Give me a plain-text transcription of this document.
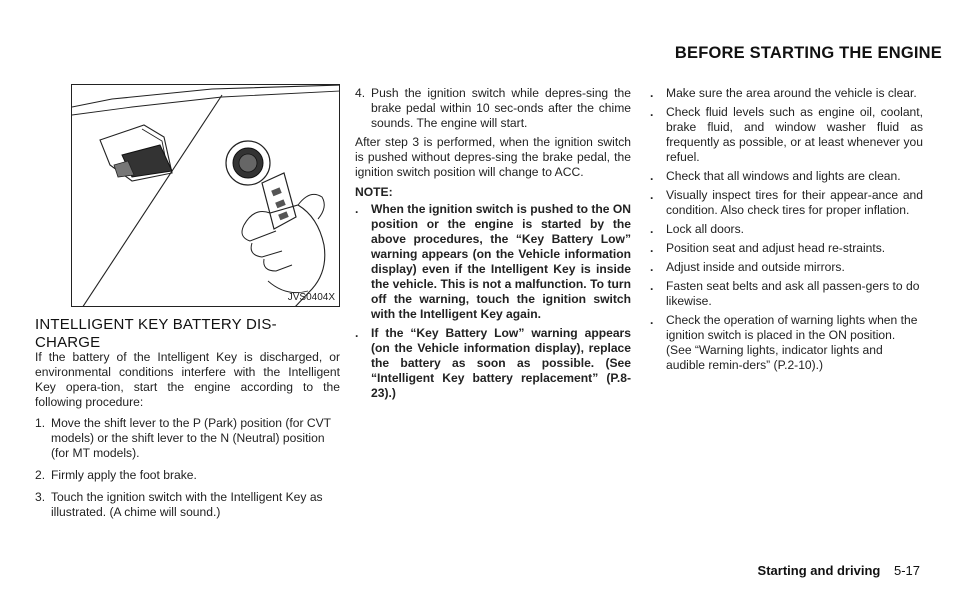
BEFORE STARTING THE ENGINE
JVS0404X
INTELLIGENT KEY BATTERY DIS-CHARGE

If the battery of the Intelligent Key is discharged, or environmental conditions interfere with the Intelligent Key opera-tion, start the engine according to the following procedure:

1. Move the shift lever to the P (Park) position (for CVT models) or the shift lever to the N (Neutral) position (for MT models).
2. Firmly apply the foot brake.
3. Touch the ignition switch with the Intelligent Key as illustrated. (A chime will sound.)
4. Push the ignition switch while depres-sing the brake pedal within 10 sec-onds after the chime sounds. The engine will start.

After step 3 is performed, when the ignition switch is pushed without depres-sing the brake pedal, the ignition switch position will change to ACC.

NOTE:

. When the ignition switch is pushed to the ON position or the engine is started by the above procedures, the “Key Battery Low” warning appears (on the Vehicle information display) even if the Intelligent Key is inside the vehicle. This is not a malfunction. To turn off the warning, touch the ignition switch with the Intelligent Key again.
. If the “Key Battery Low” warning appears (on the Vehicle information display), replace the battery as soon as possible. (See “Intelligent Key battery replacement” (P.8-23).)
. Make sure the area around the vehicle is clear.
. Check fluid levels such as engine oil, coolant, brake fluid, and window washer fluid as frequently as possible, or at least whenever you refuel.
. Check that all windows and lights are clean.
. Visually inspect tires for their appear-ance and condition. Also check tires for proper inflation.
. Lock all doors.
. Position seat and adjust head re-straints.
. Adjust inside and outside mirrors.
. Fasten seat belts and ask all passen-gers to do likewise.
. Check the operation of warning lights when the ignition switch is placed in the ON position. (See “Warning lights, indicator lights and audible remin-ders” (P.2-10).)
Starting and driving 5-17
